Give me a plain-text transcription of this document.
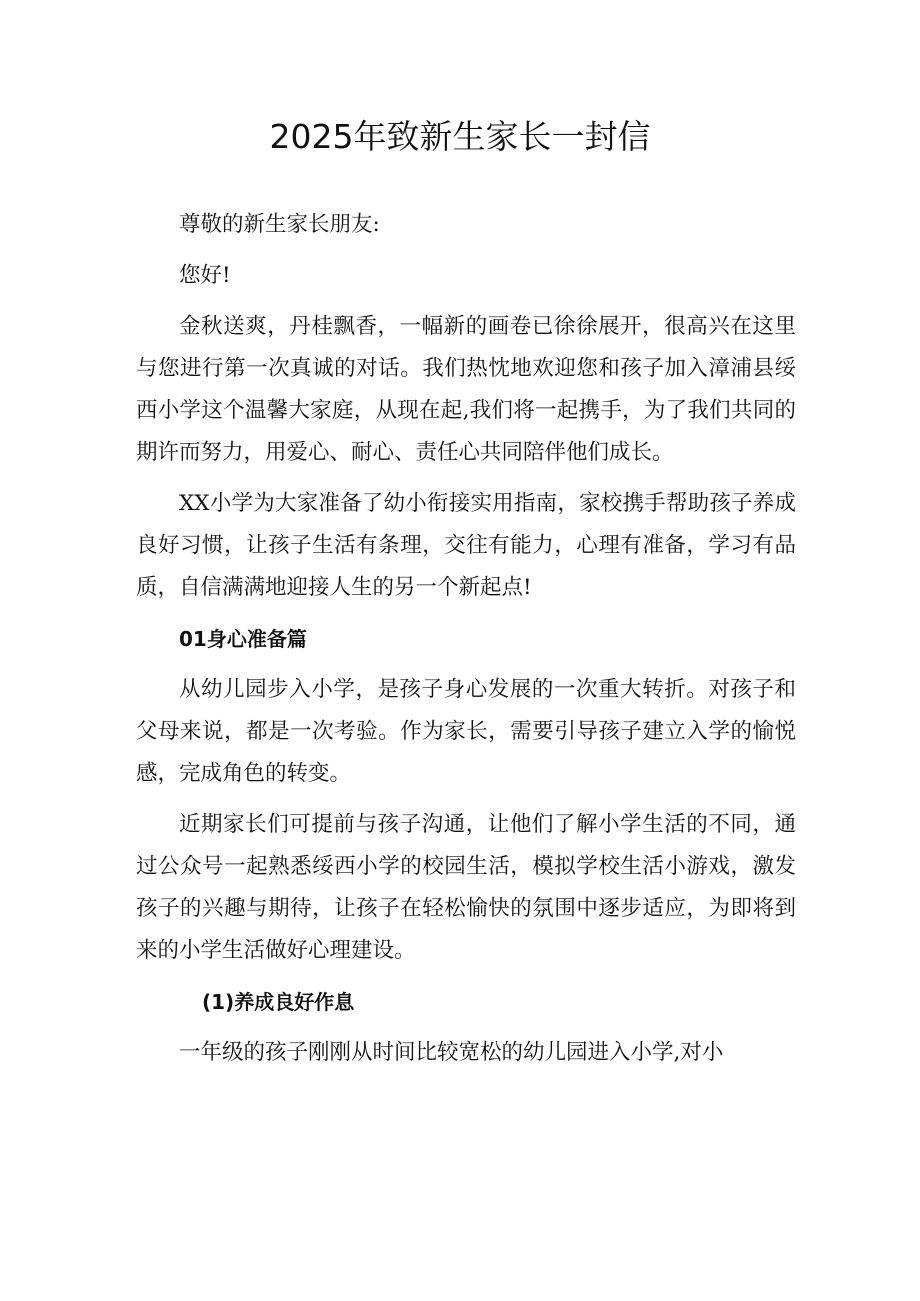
2025年致新生家长一封信

尊敬的新生家长朋友:

您好!

金秋送爽，丹桂飘香，一幅新的画卷已徐徐展开，很高兴在这里与您进行第一次真诚的对话。我们热忱地欢迎您和孩子加入漳浦县绥西小学这个温馨大家庭，从现在起,我们将一起携手，为了我们共同的期许而努力，用爱心、耐心、责任心共同陪伴他们成长。

XX小学为大家准备了幼小衔接实用指南，家校携手帮助孩子养成良好习惯，让孩子生活有条理，交往有能力，心理有准备，学习有品质，自信满满地迎接人生的另一个新起点!

01身心准备篇

从幼儿园步入小学，是孩子身心发展的一次重大转折。对孩子和父母来说，都是一次考验。作为家长，需要引导孩子建立入学的愉悦感，完成角色的转变。

近期家长们可提前与孩子沟通，让他们了解小学生活的不同，通过公众号一起熟悉绥西小学的校园生活，模拟学校生活小游戏，激发孩子的兴趣与期待，让孩子在轻松愉快的氛围中逐步适应，为即将到来的小学生活做好心理建设。

(1)养成良好作息

一年级的孩子刚刚从时间比较宽松的幼儿园进入小学,对小
